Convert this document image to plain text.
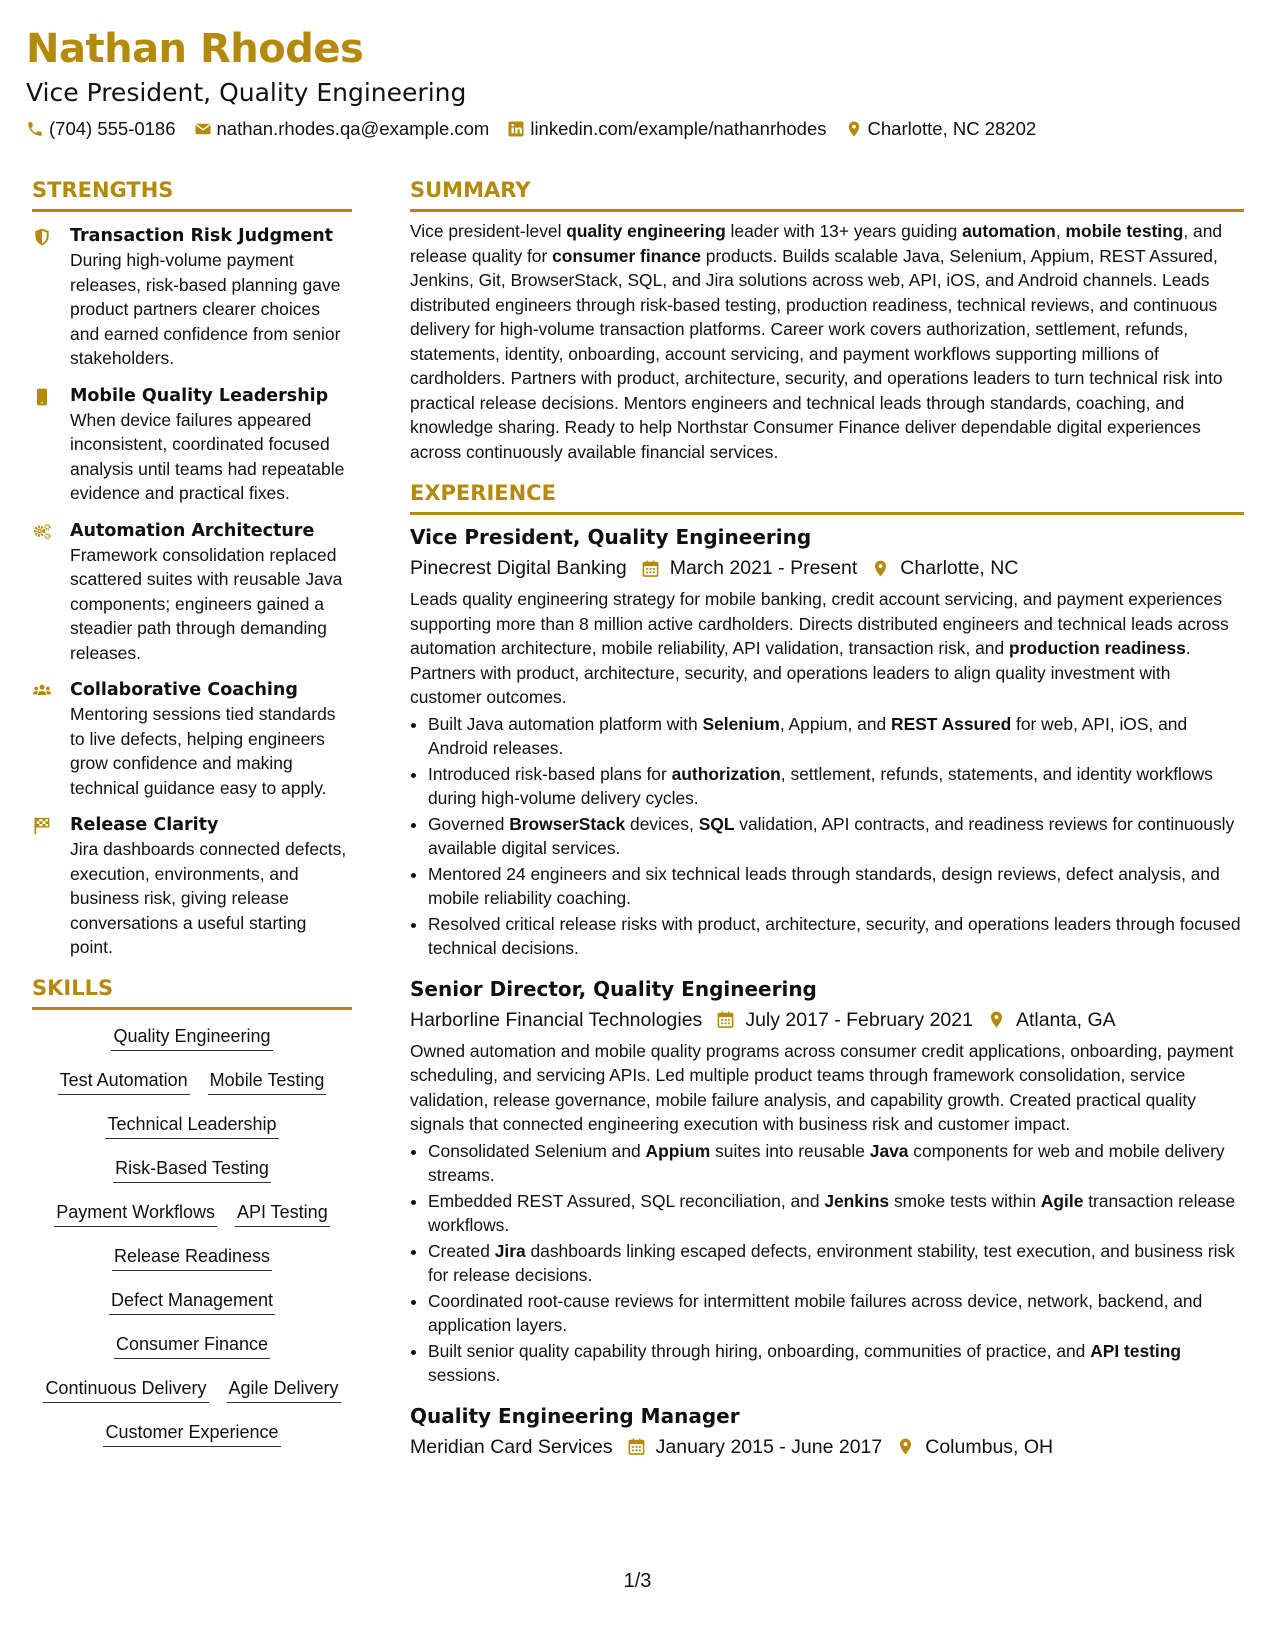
Nathan Rhodes

Vice President, Quality Engineering

(704) 555-0186 nathan.rhodes.qa@example.com linkedin.com/example/nathanrhodes Charlotte, NC 28202
STRENGTHS
Transaction Risk Judgment
During high-volume payment releases, risk-based planning gave product partners clearer choices and earned confidence from senior stakeholders.
Mobile Quality Leadership
When device failures appeared inconsistent, coordinated focused analysis until teams had repeatable evidence and practical fixes.
Automation Architecture
Framework consolidation replaced scattered suites with reusable Java components; engineers gained a steadier path through demanding releases.
Collaborative Coaching
Mentoring sessions tied standards to live defects, helping engineers grow confidence and making technical guidance easy to apply.
Release Clarity
Jira dashboards connected defects, execution, environments, and business risk, giving release conversations a useful starting point.
SKILLS
Quality Engineering
Test Automation Mobile Testing
Technical Leadership
Risk-Based Testing
Payment Workflows API Testing
Release Readiness
Defect Management
Consumer Finance
Continuous Delivery Agile Delivery
Customer Experience
SUMMARY
Vice president-level quality engineering leader with 13+ years guiding automation, mobile testing, and release quality for consumer finance products. Builds scalable Java, Selenium, Appium, REST Assured, Jenkins, Git, BrowserStack, SQL, and Jira solutions across web, API, iOS, and Android channels. Leads distributed engineers through risk-based testing, production readiness, technical reviews, and continuous delivery for high-volume transaction platforms. Career work covers authorization, settlement, refunds, statements, identity, onboarding, account servicing, and payment workflows supporting millions of cardholders. Partners with product, architecture, security, and operations leaders to turn technical risk into practical release decisions. Mentors engineers and technical leads through standards, coaching, and knowledge sharing. Ready to help Northstar Consumer Finance deliver dependable digital experiences across continuously available financial services.
EXPERIENCE
Vice President, Quality Engineering
Pinecrest Digital Banking March 2021 - Present Charlotte, NC
Leads quality engineering strategy for mobile banking, credit account servicing, and payment experiences supporting more than 8 million active cardholders. Directs distributed engineers and technical leads across automation architecture, mobile reliability, API validation, transaction risk, and production readiness. Partners with product, architecture, security, and operations leaders to align quality investment with customer outcomes.
• Built Java automation platform with Selenium, Appium, and REST Assured for web, API, iOS, and Android releases.
• Introduced risk-based plans for authorization, settlement, refunds, statements, and identity workflows during high-volume delivery cycles.
• Governed BrowserStack devices, SQL validation, API contracts, and readiness reviews for continuously available digital services.
• Mentored 24 engineers and six technical leads through standards, design reviews, defect analysis, and mobile reliability coaching.
• Resolved critical release risks with product, architecture, security, and operations leaders through focused technical decisions.
Senior Director, Quality Engineering
Harborline Financial Technologies July 2017 - February 2021 Atlanta, GA
Owned automation and mobile quality programs across consumer credit applications, onboarding, payment scheduling, and servicing APIs. Led multiple product teams through framework consolidation, service validation, release governance, mobile failure analysis, and capability growth. Created practical quality signals that connected engineering execution with business risk and customer impact.
• Consolidated Selenium and Appium suites into reusable Java components for web and mobile delivery streams.
• Embedded REST Assured, SQL reconciliation, and Jenkins smoke tests within Agile transaction release workflows.
• Created Jira dashboards linking escaped defects, environment stability, test execution, and business risk for release decisions.
• Coordinated root-cause reviews for intermittent mobile failures across device, network, backend, and application layers.
• Built senior quality capability through hiring, onboarding, communities of practice, and API testing sessions.
Quality Engineering Manager
Meridian Card Services January 2015 - June 2017 Columbus, OH
1/3
